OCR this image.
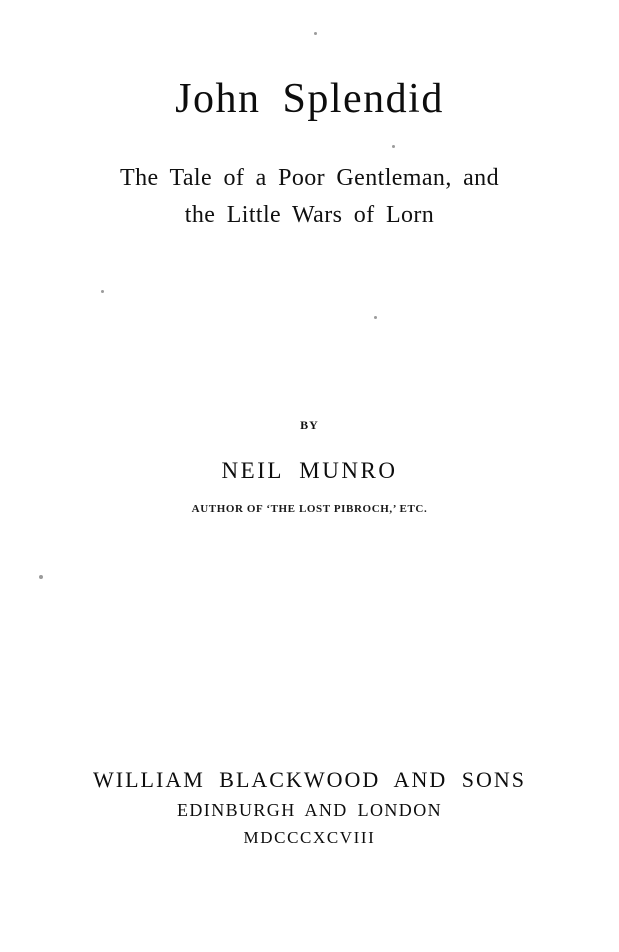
John Splendid
The Tale of a Poor Gentleman, and
the Little Wars of Lorn
BY
NEIL MUNRO
AUTHOR OF ‘THE LOST PIBROCH,’ ETC.
WILLIAM BLACKWOOD AND SONS
EDINBURGH AND LONDON
MDCCCXCVIII
